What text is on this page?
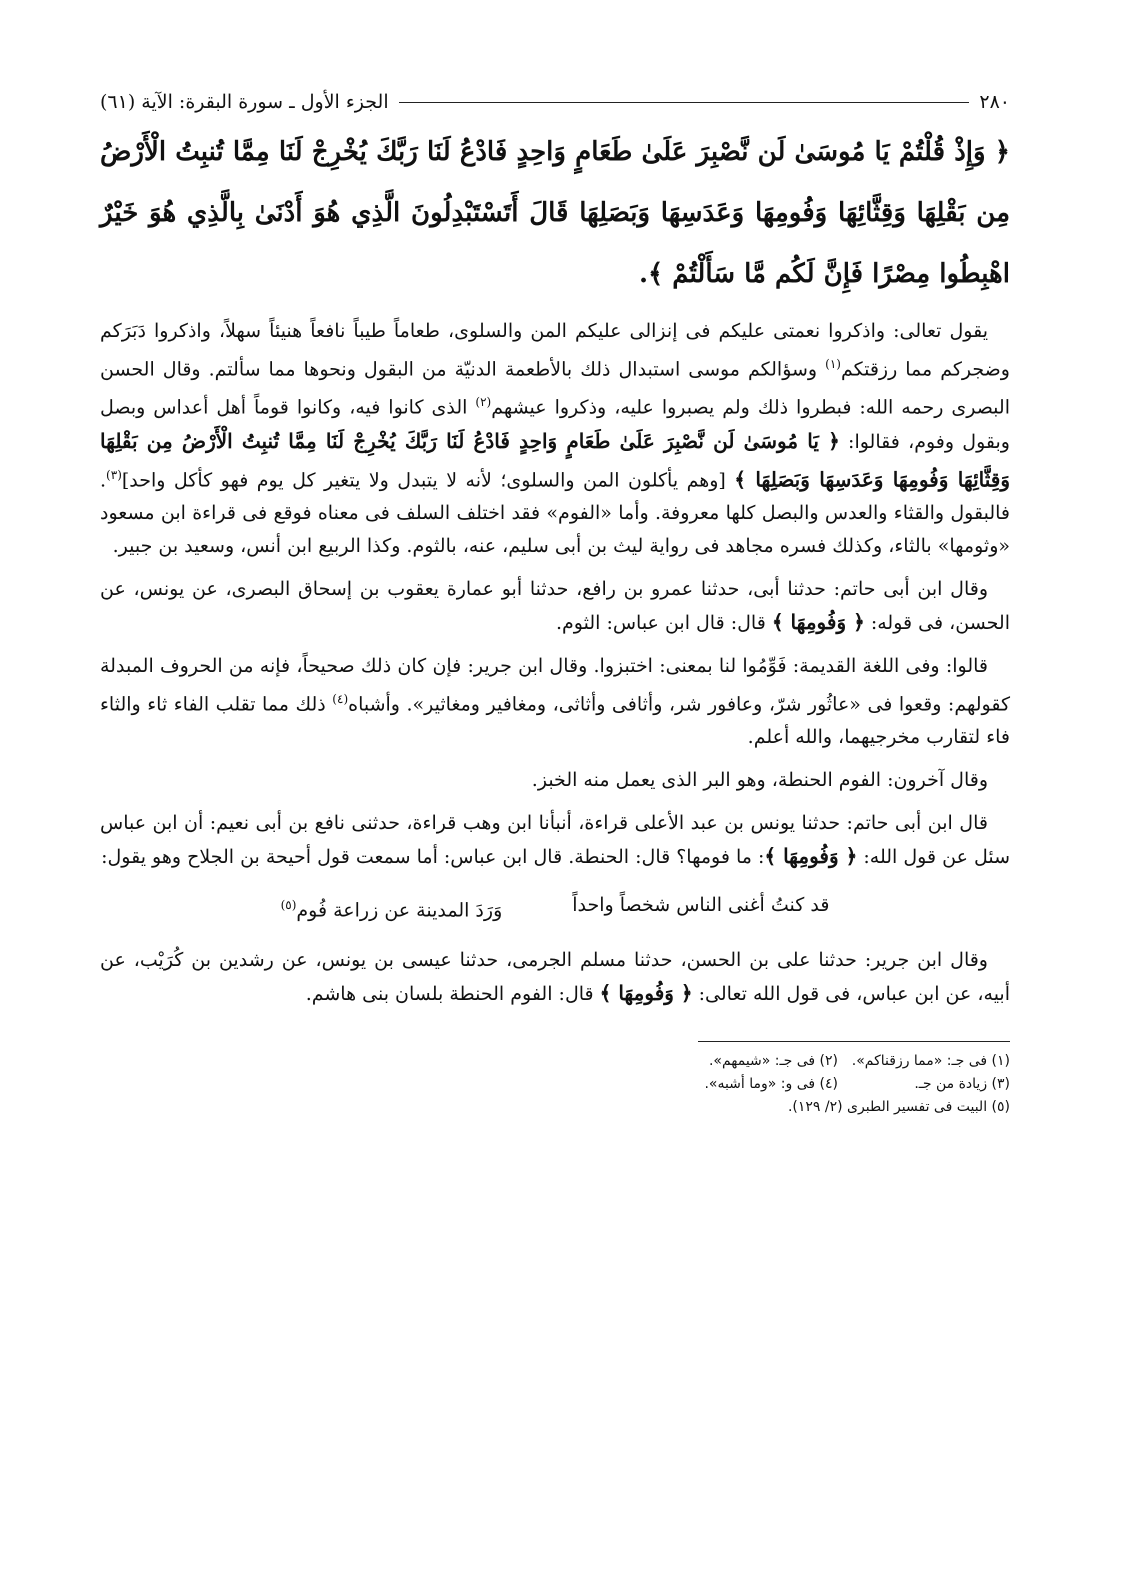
٢٨٠
الجزء الأول ـ سورة البقرة: الآية (٦١)
﴿ وَإِذْ قُلْتُمْ يَا مُوسَىٰ لَن نَّصْبِرَ عَلَىٰ طَعَامٍ وَاحِدٍ فَادْعُ لَنَا رَبَّكَ يُخْرِجْ لَنَا مِمَّا تُنبِتُ الْأَرْضُ مِن بَقْلِهَا وَقِثَّائِهَا وَفُومِهَا وَعَدَسِهَا وَبَصَلِهَا قَالَ أَتَسْتَبْدِلُونَ الَّذِي هُوَ أَدْنَىٰ بِالَّذِي هُوَ خَيْرٌ اهْبِطُوا مِصْرًا فَإِنَّ لَكُم مَّا سَأَلْتُمْ ﴾.

يقول تعالى: واذكروا نعمتى عليكم فى إنزالى عليكم المن والسلوى، طعاماً طيباً نافعاً هنيئاً سهلاً، واذكروا دَبَرَكم وضجركم مما رزقتكم$^{(١)}$ وسؤالكم موسى استبدال ذلك بالأطعمة الدنيّة من البقول ونحوها مما سألتم. وقال الحسن البصرى رحمه الله: فبطروا ذلك ولم يصبروا عليه، وذكروا عيشهم$^{(٢)}$ الذى كانوا فيه، وكانوا قوماً أهل أعداس وبصل وبقول وفوم، فقالوا: ﴿ يَا مُوسَىٰ لَن نَّصْبِرَ عَلَىٰ طَعَامٍ وَاحِدٍ فَادْعُ لَنَا رَبَّكَ يُخْرِجْ لَنَا مِمَّا تُنبِتُ الْأَرْضُ مِن بَقْلِهَا وَقِثَّائِهَا وَفُومِهَا وَعَدَسِهَا وَبَصَلِهَا ﴾ [وهم يأكلون المن والسلوى؛ لأنه لا يتبدل ولا يتغير كل يوم فهو كأكل واحد]$^{(٣)}$. فالبقول والقثاء والعدس والبصل كلها معروفة. وأما «الفوم» فقد اختلف السلف فى معناه فوقع فى قراءة ابن مسعود «وثومها» بالثاء، وكذلك فسره مجاهد فى رواية ليث بن أبى سليم، عنه، بالثوم. وكذا الربيع ابن أنس، وسعيد بن جبير.

وقال ابن أبى حاتم: حدثنا أبى، حدثنا عمرو بن رافع، حدثنا أبو عمارة يعقوب بن إسحاق البصرى، عن يونس، عن الحسن، فى قوله: ﴿ وَفُومِهَا ﴾ قال: قال ابن عباس: الثوم.

قالوا: وفى اللغة القديمة: فَوِّمُوا لنا بمعنى: اختبزوا. وقال ابن جرير: فإن كان ذلك صحيحاً، فإنه من الحروف المبدلة كقولهم: وقعوا فى «عاثُور شرّ، وعافور شر، وأثافى وأثاثى، ومغافير ومغاثير». وأشباه$^{(٤)}$ ذلك مما تقلب الفاء ثاء والثاء فاء لتقارب مخرجيهما، والله أعلم.

وقال آخرون: الفوم الحنطة، وهو البر الذى يعمل منه الخبز.

قال ابن أبى حاتم: حدثنا يونس بن عبد الأعلى قراءة، أنبأنا ابن وهب قراءة، حدثنى نافع بن أبى نعيم: أن ابن عباس سئل عن قول الله: ﴿ وَفُومِهَا ﴾: ما فومها؟ قال: الحنطة. قال ابن عباس: أما سمعت قول أحيحة بن الجلاح وهو يقول:

قد كنتُ أغنى الناس شخصاً واحداً
وَرَدَ المدينة عن زراعة فُوم$^{(٥)}$

وقال ابن جرير: حدثنا على بن الحسن، حدثنا مسلم الجرمى، حدثنا عيسى بن يونس، عن رشدين بن كُرَيْب، عن أبيه، عن ابن عباس، فى قول الله تعالى: ﴿ وَفُومِهَا ﴾ قال: الفوم الحنطة بلسان بنى هاشم.

(١) فى جـ: «مما رزقناكم».
(٢) فى جـ: «شيمهم».
(٣) زيادة من جـ.
(٤) فى و: «وما أشبه».
(٥) البيت فى تفسير الطبرى (٢/ ١٢٩).
